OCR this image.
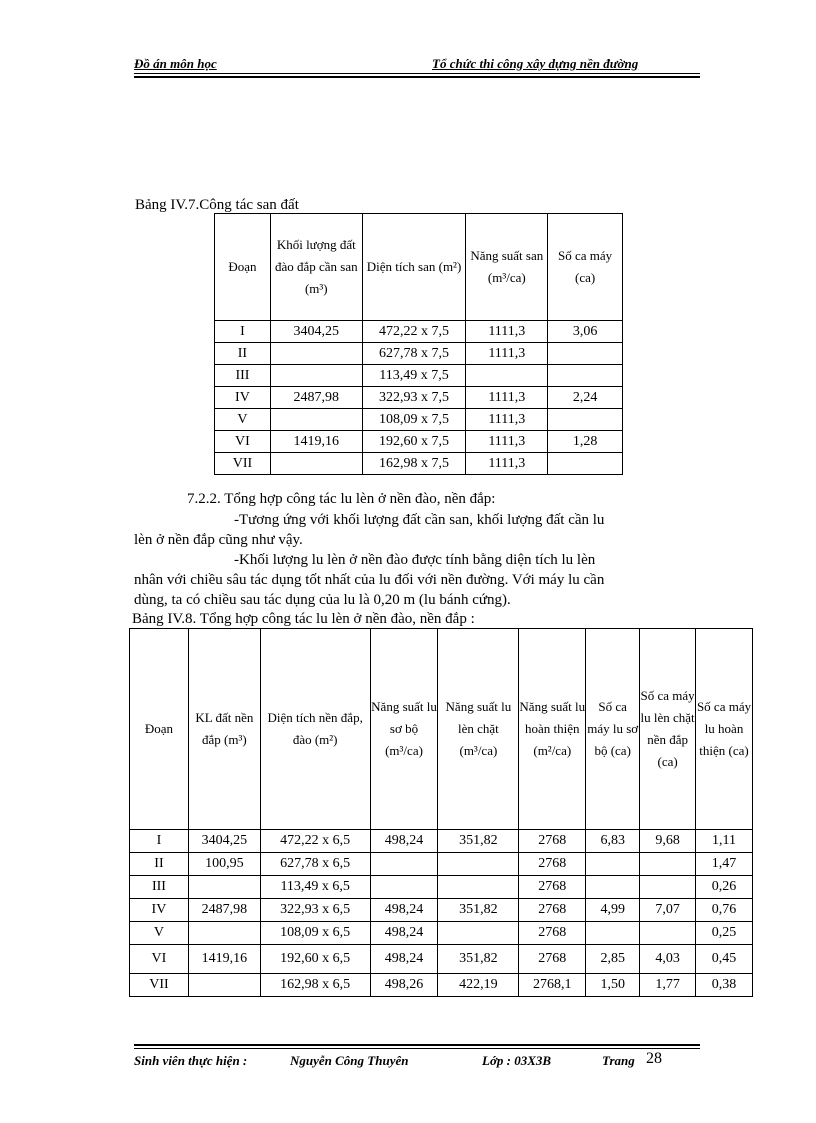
Đồ án môn học	Tổ chức thi công xây dựng nền đường
Bảng IV.7.Công tác san đất
Đoạn	Khối lượng đất đào đắp cần san (m³)	Diện tích san (m²)	Năng suất san (m³/ca)	Số ca máy (ca)
I	3404,25	472,22 x 7,5	1111,3	3,06
II		627,78 x 7,5	1111,3	
III		113,49 x 7,5		
IV	2487,98	322,93 x 7,5	1111,3	2,24
V		108,09 x 7,5	1111,3	
VI	1419,16	192,60 x 7,5	1111,3	1,28
VII		162,98 x 7,5	1111,3	
7.2.2. Tổng hợp công tác lu lèn ở nền đào, nền đắp:
-Tương ứng với khối lượng đất cần san, khối lượng đất cần lu
lèn ở nền đắp cũng như vậy.
-Khối lượng lu lèn ở nền đào được tính bằng diện tích lu lèn
nhân với chiều sâu tác dụng tốt nhất của lu đối với nền đường. Với máy lu cần
dùng, ta có chiều sau tác dụng của lu là 0,20 m (lu bánh cứng).
Bảng IV.8. Tổng hợp công tác lu lèn ở nền đào, nền đắp :
Đoạn	KL đất nền đắp (m³)	Diện tích nền đắp, đào (m²)	Năng suất lu sơ bộ (m³/ca)	Năng suất lu lèn chặt (m³/ca)	Năng suất lu hoàn thiện (m²/ca)	Số ca máy lu sơ bộ (ca)	Số ca máy lu lèn chặt nền đắp (ca)	Số ca máy lu hoàn thiện (ca)
I	3404,25	472,22 x 6,5	498,24	351,82	2768	6,83	9,68	1,11
II	100,95	627,78 x 6,5			2768			1,47
III		113,49 x 6,5			2768			0,26
IV	2487,98	322,93 x 6,5	498,24	351,82	2768	4,99	7,07	0,76
V		108,09 x 6,5	498,24		2768			0,25
VI	1419,16	192,60 x 6,5	498,24	351,82	2768	2,85	4,03	0,45
VII		162,98 x 6,5	498,26	422,19	2768,1	1,50	1,77	0,38
Sinh viên thực hiện :	Nguyễn Công Thuyên	Lớp : 03X3B	Trang 28
